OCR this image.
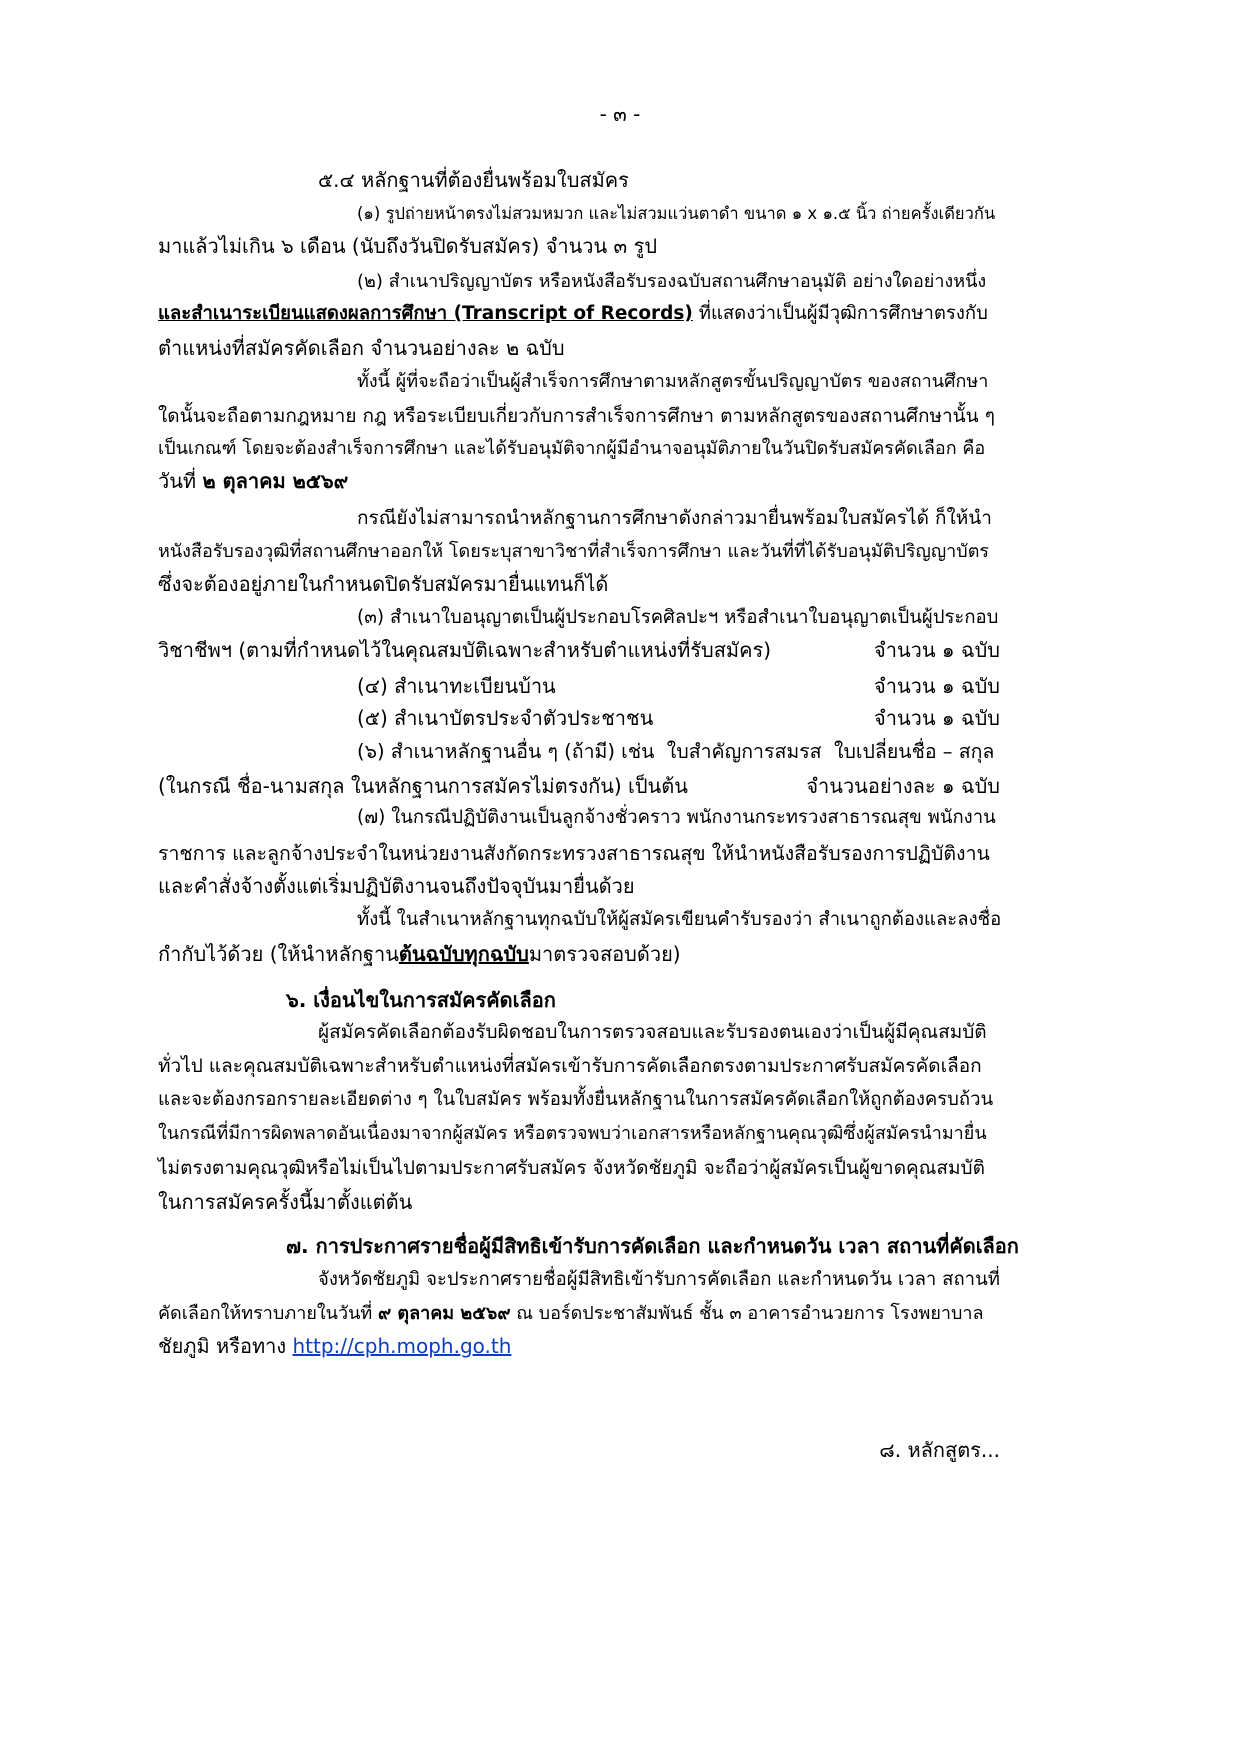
- ๓ -
๕.๔ หลักฐานที่ต้องยื่นพร้อมใบสมัคร
(๑) รูปถ่ายหน้าตรงไม่สวมหมวก และไม่สวมแว่นตาดำ ขนาด ๑ x ๑.๕ นิ้ว ถ่ายครั้งเดียวกัน
มาแล้วไม่เกิน ๖ เดือน (นับถึงวันปิดรับสมัคร) จำนวน ๓ รูป
(๒) สำเนาปริญญาบัตร หรือหนังสือรับรองฉบับสถานศึกษาอนุมัติ อย่างใดอย่างหนึ่ง
และสำเนาระเบียนแสดงผลการศึกษา (Transcript of Records) ที่แสดงว่าเป็นผู้มีวุฒิการศึกษาตรงกับ
ตำแหน่งที่สมัครคัดเลือก จำนวนอย่างละ ๒ ฉบับ
ทั้งนี้ ผู้ที่จะถือว่าเป็นผู้สำเร็จการศึกษาตามหลักสูตรขั้นปริญญาบัตร ของสถานศึกษา
ใดนั้นจะถือตามกฎหมาย กฎ หรือระเบียบเกี่ยวกับการสำเร็จการศึกษา ตามหลักสูตรของสถานศึกษานั้น ๆ
เป็นเกณฑ์ โดยจะต้องสำเร็จการศึกษา และได้รับอนุมัติจากผู้มีอำนาจอนุมัติภายในวันปิดรับสมัครคัดเลือก คือ
วันที่ ๒ ตุลาคม ๒๕๖๙
กรณียังไม่สามารถนำหลักฐานการศึกษาดังกล่าวมายื่นพร้อมใบสมัครได้ ก็ให้นำ
หนังสือรับรองวุฒิที่สถานศึกษาออกให้ โดยระบุสาขาวิชาที่สำเร็จการศึกษา และวันที่ที่ได้รับอนุมัติปริญญาบัตร
ซึ่งจะต้องอยู่ภายในกำหนดปิดรับสมัครมายื่นแทนก็ได้
(๓) สำเนาใบอนุญาตเป็นผู้ประกอบโรคศิลปะฯ หรือสำเนาใบอนุญาตเป็นผู้ประกอบ
วิชาชีพฯ (ตามที่กำหนดไว้ในคุณสมบัติเฉพาะสำหรับตำแหน่งที่รับสมัคร)	จำนวน ๑ ฉบับ
(๔) สำเนาทะเบียนบ้าน	จำนวน ๑ ฉบับ
(๕) สำเนาบัตรประจำตัวประชาชน	จำนวน ๑ ฉบับ
(๖) สำเนาหลักฐานอื่น ๆ (ถ้ามี) เช่น  ใบสำคัญการสมรส  ใบเปลี่ยนชื่อ – สกุล
(ในกรณี ชื่อ-นามสกุล ในหลักฐานการสมัครไม่ตรงกัน) เป็นต้น	จำนวนอย่างละ ๑ ฉบับ
(๗) ในกรณีปฏิบัติงานเป็นลูกจ้างชั่วคราว พนักงานกระทรวงสาธารณสุข พนักงาน
ราชการ และลูกจ้างประจำในหน่วยงานสังกัดกระทรวงสาธารณสุข ให้นำหนังสือรับรองการปฏิบัติงาน
และคำสั่งจ้างตั้งแต่เริ่มปฏิบัติงานจนถึงปัจจุบันมายื่นด้วย
ทั้งนี้ ในสำเนาหลักฐานทุกฉบับให้ผู้สมัครเขียนคำรับรองว่า สำเนาถูกต้องและลงชื่อ
กำกับไว้ด้วย (ให้นำหลักฐานต้นฉบับทุกฉบับมาตรวจสอบด้วย)
๖. เงื่อนไขในการสมัครคัดเลือก
ผู้สมัครคัดเลือกต้องรับผิดชอบในการตรวจสอบและรับรองตนเองว่าเป็นผู้มีคุณสมบัติ
ทั่วไป และคุณสมบัติเฉพาะสำหรับตำแหน่งที่สมัครเข้ารับการคัดเลือกตรงตามประกาศรับสมัครคัดเลือก
และจะต้องกรอกรายละเอียดต่าง ๆ ในใบสมัคร พร้อมทั้งยื่นหลักฐานในการสมัครคัดเลือกให้ถูกต้องครบถ้วน
ในกรณีที่มีการผิดพลาดอันเนื่องมาจากผู้สมัคร หรือตรวจพบว่าเอกสารหรือหลักฐานคุณวุฒิซึ่งผู้สมัครนำมายื่น
ไม่ตรงตามคุณวุฒิหรือไม่เป็นไปตามประกาศรับสมัคร จังหวัดชัยภูมิ จะถือว่าผู้สมัครเป็นผู้ขาดคุณสมบัติ
ในการสมัครครั้งนี้มาตั้งแต่ต้น
๗. การประกาศรายชื่อผู้มีสิทธิเข้ารับการคัดเลือก และกำหนดวัน เวลา สถานที่คัดเลือก
จังหวัดชัยภูมิ จะประกาศรายชื่อผู้มีสิทธิเข้ารับการคัดเลือก และกำหนดวัน เวลา สถานที่
คัดเลือกให้ทราบภายในวันที่ ๙ ตุลาคม ๒๕๖๙ ณ บอร์ดประชาสัมพันธ์ ชั้น ๓ อาคารอำนวยการ โรงพยาบาล
ชัยภูมิ หรือทาง http://cph.moph.go.th
๘. หลักสูตร...
